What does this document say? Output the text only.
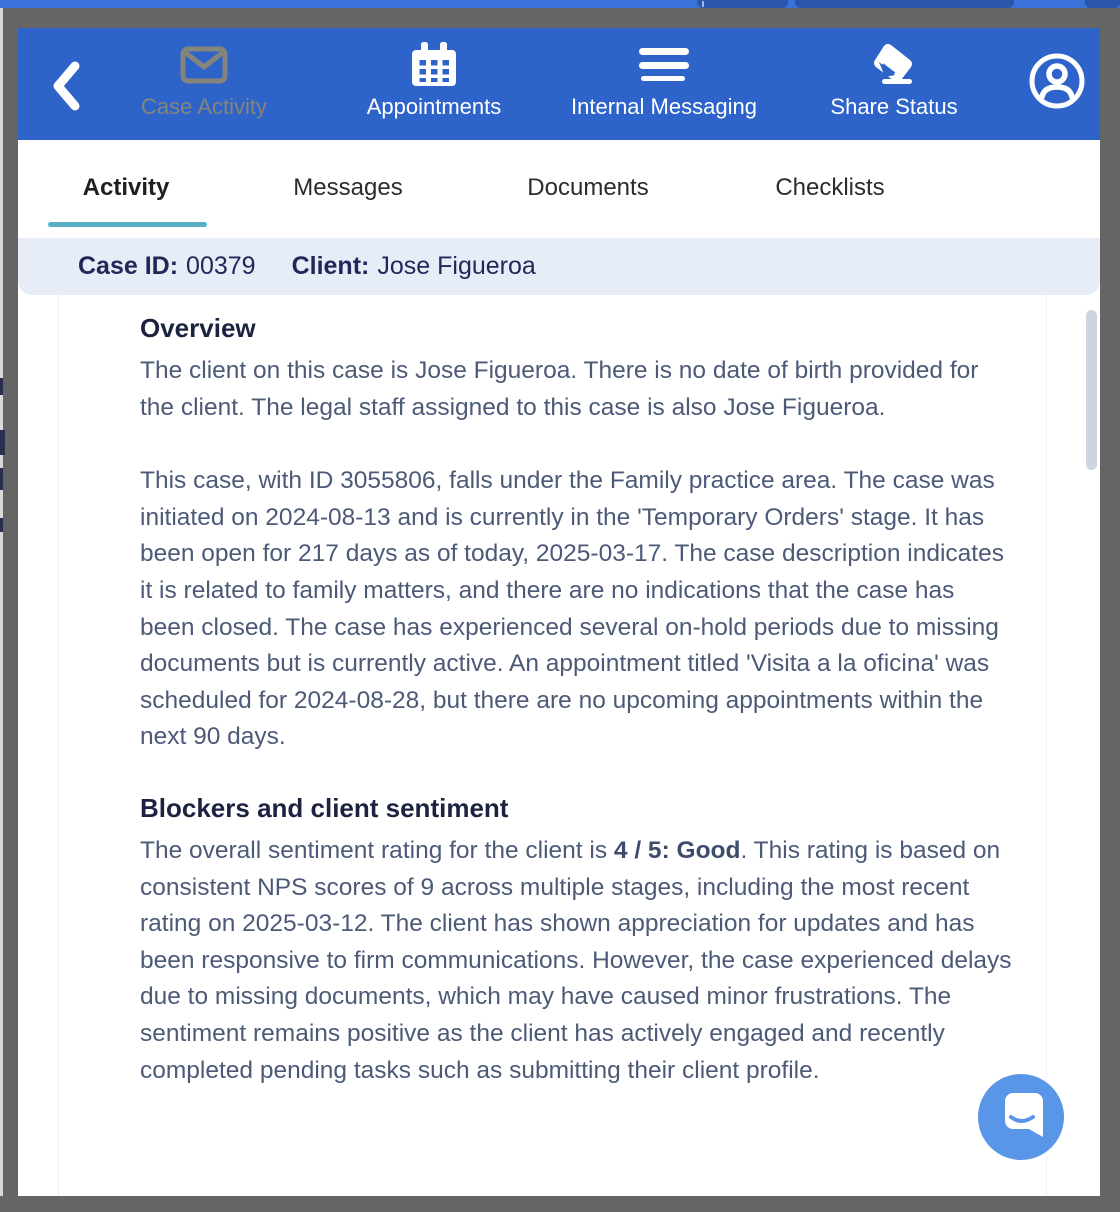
Case Activity	Appointments	Internal Messaging	Share Status
Activity	Messages	Documents	Checklists
Case ID: 00379 Client: Jose Figueroa
Overview

The client on this case is Jose Figueroa. There is no date of birth provided for the client. The legal staff assigned to this case is also Jose Figueroa.

This case, with ID 3055806, falls under the Family practice area. The case was initiated on 2024-08-13 and is currently in the 'Temporary Orders' stage. It has been open for 217 days as of today, 2025-03-17. The case description indicates it is related to family matters, and there are no indications that the case has been closed. The case has experienced several on-hold periods due to missing documents but is currently active. An appointment titled 'Visita a la oficina' was scheduled for 2024-08-28, but there are no upcoming appointments within the next 90 days.

Blockers and client sentiment

The overall sentiment rating for the client is 4 / 5: Good. This rating is based on consistent NPS scores of 9 across multiple stages, including the most recent rating on 2025-03-12. The client has shown appreciation for updates and has been responsive to firm communications. However, the case experienced delays due to missing documents, which may have caused minor frustrations. The sentiment remains positive as the client has actively engaged and recently completed pending tasks such as submitting their client profile.
